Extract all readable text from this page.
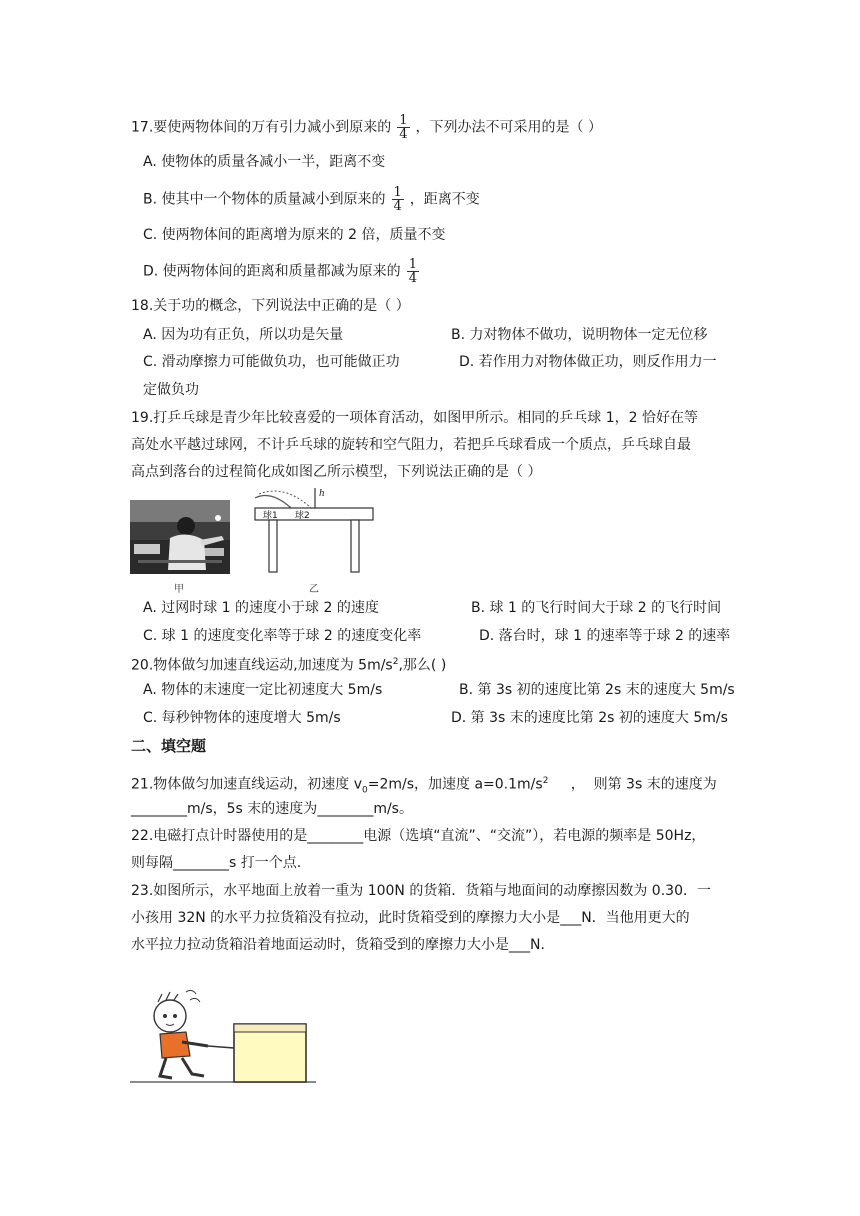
17.要使两物体间的万有引力减小到原来的 $\frac{1}{4}$ ，下列办法不可采用的是（ ）
A. 使物体的质量各减小一半，距离不变
B. 使其中一个物体的质量减小到原来的 $\frac{1}{4}$ ，距离不变
C. 使两物体间的距离增为原来的 2 倍，质量不变
D. 使两物体间的距离和质量都减为原来的 $\frac{1}{4}$
18.关于功的概念，下列说法中正确的是（ ）
A. 因为功有正负，所以功是矢量	B. 力对物体不做功，说明物体一定无位移
C. 滑动摩擦力可能做负功，也可能做正功	D. 若作用力对物体做正功，则反作用力一
定做负功
19.打乒乓球是青少年比较喜爱的一项体育活动，如图甲所示。相同的乒乓球 1，2 恰好在等
高处水平越过球网，不计乒乓球的旋转和空气阻力，若把乒乓球看成一个质点，乒乓球自最
高点到落台的过程简化成如图乙所示模型，下列说法正确的是（ ）
甲
球1 球2
h
乙
A. 过网时球 1 的速度小于球 2 的速度	B. 球 1 的飞行时间大于球 2 的飞行时间
C. 球 1 的速度变化率等于球 2 的速度变化率	D. 落台时，球 1 的速率等于球 2 的速率
20.物体做匀加速直线运动,加速度为 $5m/s^2$,那么( )
A. 物体的末速度一定比初速度大 5m/s	B. 第 3s 初的速度比第 2s 末的速度大 5m/s
C. 每秒钟物体的速度增大 5m/s	D. 第 3s 末的速度比第 2s 初的速度大 5m/s
二、填空题
21.物体做匀加速直线运动，初速度 $v_0=2m/s$，加速度 $a=0.1m/s^2$     ，  则第 3s 末的速度为
________m/s，5s 末的速度为________m/s。
22.电磁打点计时器使用的是________电源（选填“直流”、“交流”），若电源的频率是 50Hz，
则每隔________s 打一个点.
23.如图所示，水平地面上放着一重为 100N 的货箱．货箱与地面间的动摩擦因数为 0.30．一
小孩用 32N 的水平力拉货箱没有拉动，此时货箱受到的摩擦力大小是___N．当他用更大的
水平拉力拉动货箱沿着地面运动时，货箱受到的摩擦力大小是___N．
